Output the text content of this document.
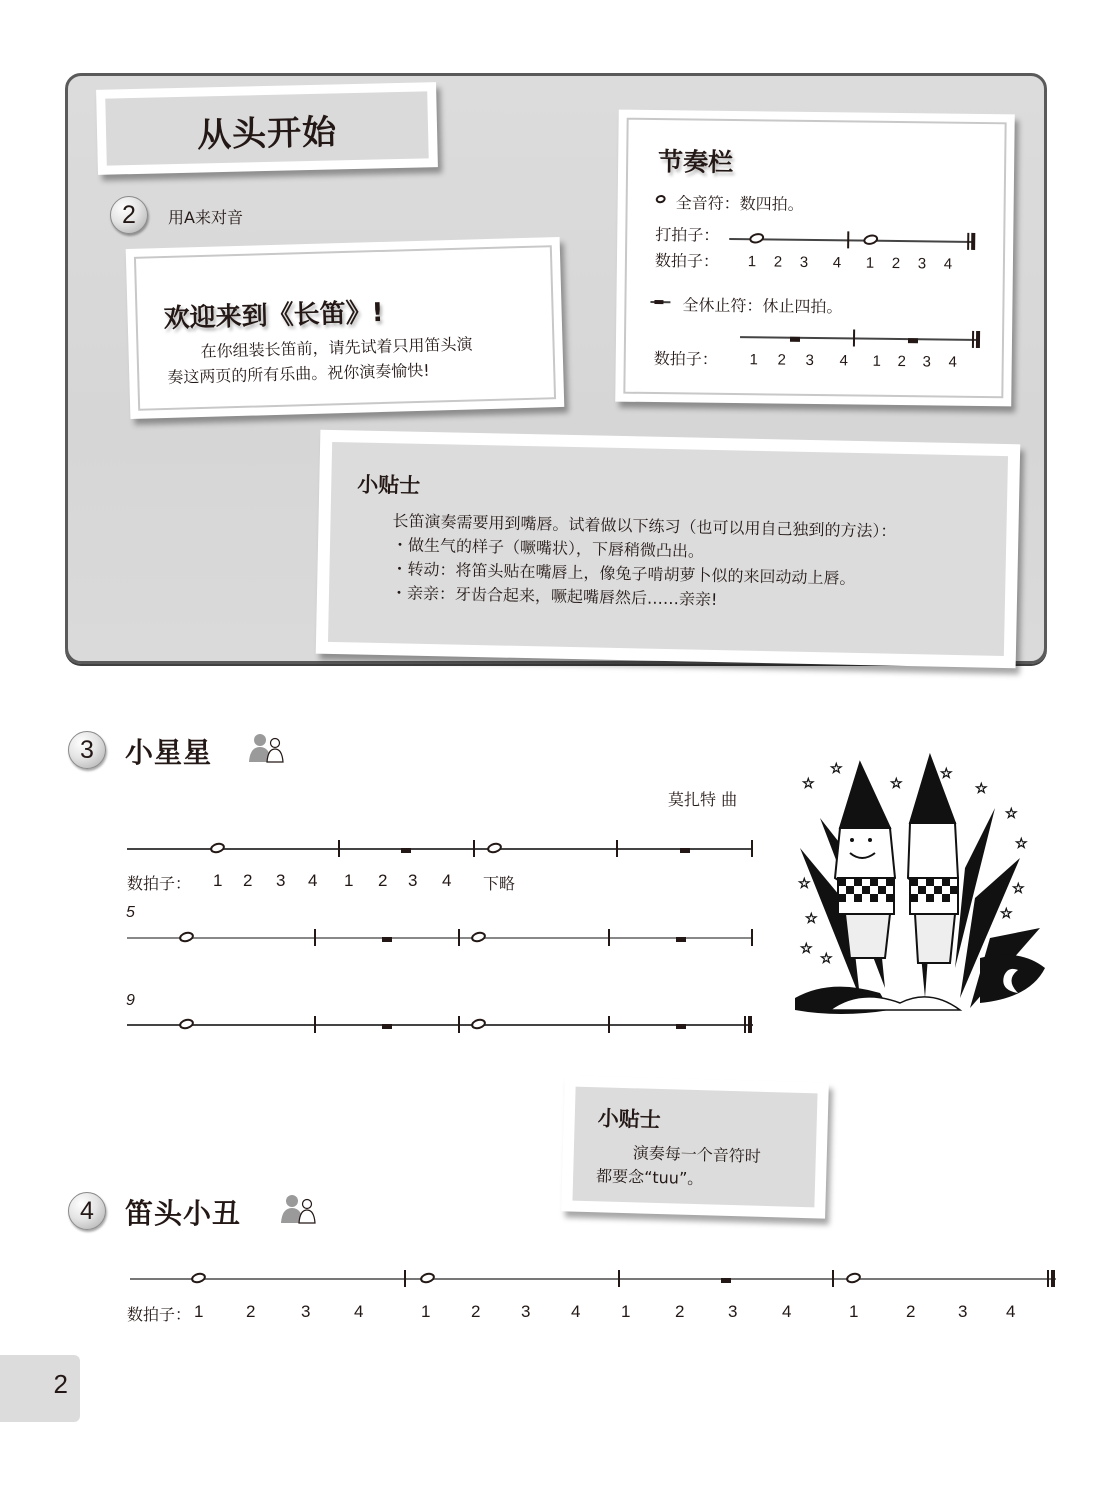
从头开始
2	用A来对音
欢迎来到《长笛》!
在你组装长笛前，请先试着只用笛头演
奏这两页的所有乐曲。祝你演奏愉快!
节奏栏
全音符：数四拍。
打拍子：
数拍子：	1	2	3	4	1	2	3	4
全休止符：休止四拍。
数拍子：	1	2	3	4	1	2	3	4
小贴士
长笛演奏需要用到嘴唇。试着做以下练习（也可以用自己独到的方法）：
・做生气的样子（噘嘴状），下唇稍微凸出。
・转动：将笛头贴在嘴唇上，像兔子啃胡萝卜似的来回动动上唇。
・亲亲：牙齿合起来，噘起嘴唇然后……亲亲!
3	小星星
莫扎特 曲
数拍子： 1 2 3 4 1 2 3 4 下略
5
9
☆
☆
☆
☆
☆
☆
☆
☆
☆
☆
☆
☆
☆
小贴士
演奏每一个音符时
都要念“tuu”。
4	笛头小丑
数拍子： 1	2	3	4	1 2 3 4 1	2	3	4	1	2	3 4
2
